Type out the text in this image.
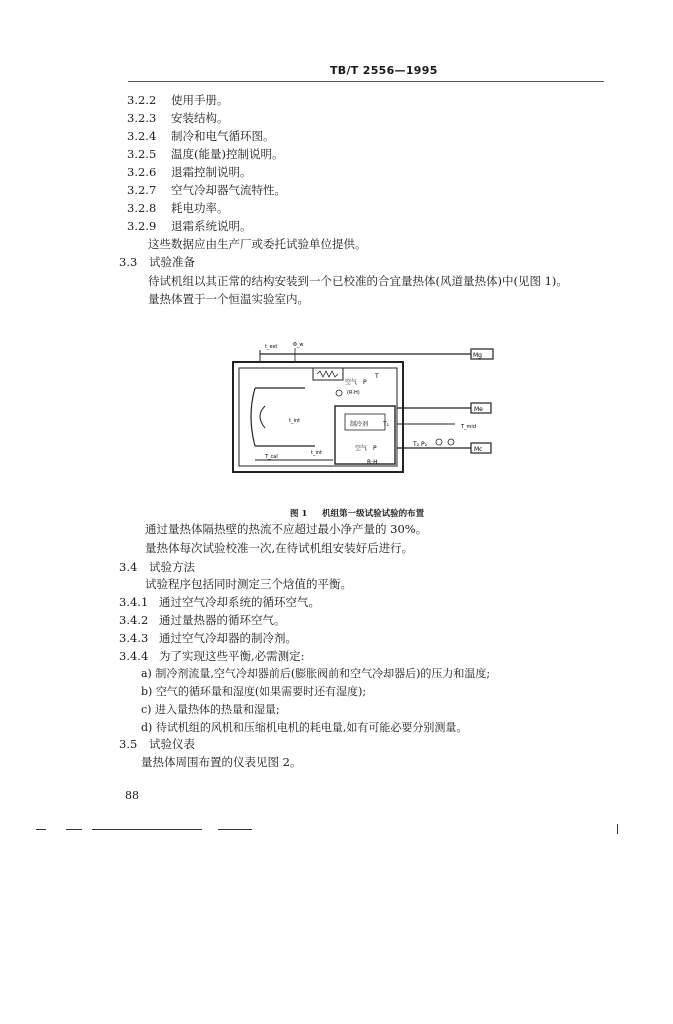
TB/T 2556—1995
3.2.2 使用手册。
3.2.3 安装结构。
3.2.4 制冷和电气循环图。
3.2.5 温度(能量)控制说明。
3.2.6 退霜控制说明。
3.2.7 空气冷却器气流特性。
3.2.8 耗电功率。
3.2.9 退霜系统说明。
这些数据应由生产厂或委托试验单位提供。
3.3 试验准备
待试机组以其正常的结构安装到一个已校准的合宜量热体(风道量热体)中(见图 1)。
量热体置于一个恒温实验室内。
Mg
t_int
t_int
制冷剂 T₁
空气 P
T
(R·H)
空气 P
R·H
Me
T_mid
Mc
T₂ P₂
T_cal
t_ext	Φ_w
图 1 机组第一级试验试验的布置
通过量热体隔热壁的热流不应超过最小净产量的 30%。
量热体每次试验校准一次,在待试机组安装好后进行。
3.4 试验方法
试验程序包括同时测定三个焓值的平衡。
3.4.1 通过空气冷却系统的循环空气。
3.4.2 通过量热器的循环空气。
3.4.3 通过空气冷却器的制冷剂。
3.4.4 为了实现这些平衡,必需测定:
a) 制冷剂流量,空气冷却器前后(膨胀阀前和空气冷却器后)的压力和温度;
b) 空气的循环量和湿度(如果需要时还有湿度);
c) 进入量热体的热量和湿量;
d) 待试机组的风机和压缩机电机的耗电量,如有可能必要分别测量。
3.5 试验仪表
量热体周围布置的仪表见图 2。
88
